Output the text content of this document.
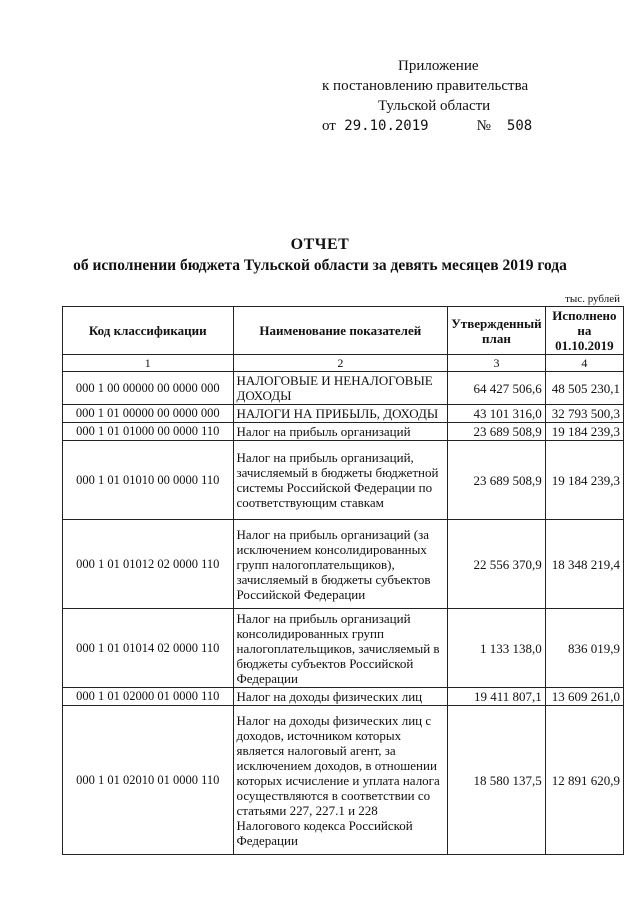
Приложение
к постановлению правительства
Тульской области
от 29.10.2019	№ 508
ОТЧЕТ
об исполнении бюджета Тульской области за девять месяцев 2019 года
тыс. рублей
Код классификации	Наименование показателей	Утвержденный план	Исполнено на 01.10.2019
1	2	3	4
000 1 00 00000 00 0000 000	НАЛОГОВЫЕ И НЕНАЛОГОВЫЕ ДОХОДЫ	64 427 506,6	48 505 230,1
000 1 01 00000 00 0000 000	НАЛОГИ НА ПРИБЫЛЬ, ДОХОДЫ	43 101 316,0	32 793 500,3
000 1 01 01000 00 0000 110	Налог на прибыль организаций	23 689 508,9	19 184 239,3
000 1 01 01010 00 0000 110	Налог на прибыль организаций, зачисляемый в бюджеты бюджетной системы Российской Федерации по соответствующим ставкам	23 689 508,9	19 184 239,3
000 1 01 01012 02 0000 110	Налог на прибыль организаций (за исключением консолидированных групп налогоплательщиков), зачисляемый в бюджеты субъектов Российской Федерации	22 556 370,9	18 348 219,4
000 1 01 01014 02 0000 110	Налог на прибыль организаций консолидированных групп налогоплательщиков, зачисляемый в бюджеты субъектов Российской Федерации	1 133 138,0	836 019,9
000 1 01 02000 01 0000 110	Налог на доходы физических лиц	19 411 807,1	13 609 261,0
000 1 01 02010 01 0000 110	Налог на доходы физических лиц с доходов, источником которых является налоговый агент, за исключением доходов, в отношении которых исчисление и уплата налога осуществляются в соответствии со статьями 227, 227.1 и 228 Налогового кодекса Российской Федерации	18 580 137,5	12 891 620,9
